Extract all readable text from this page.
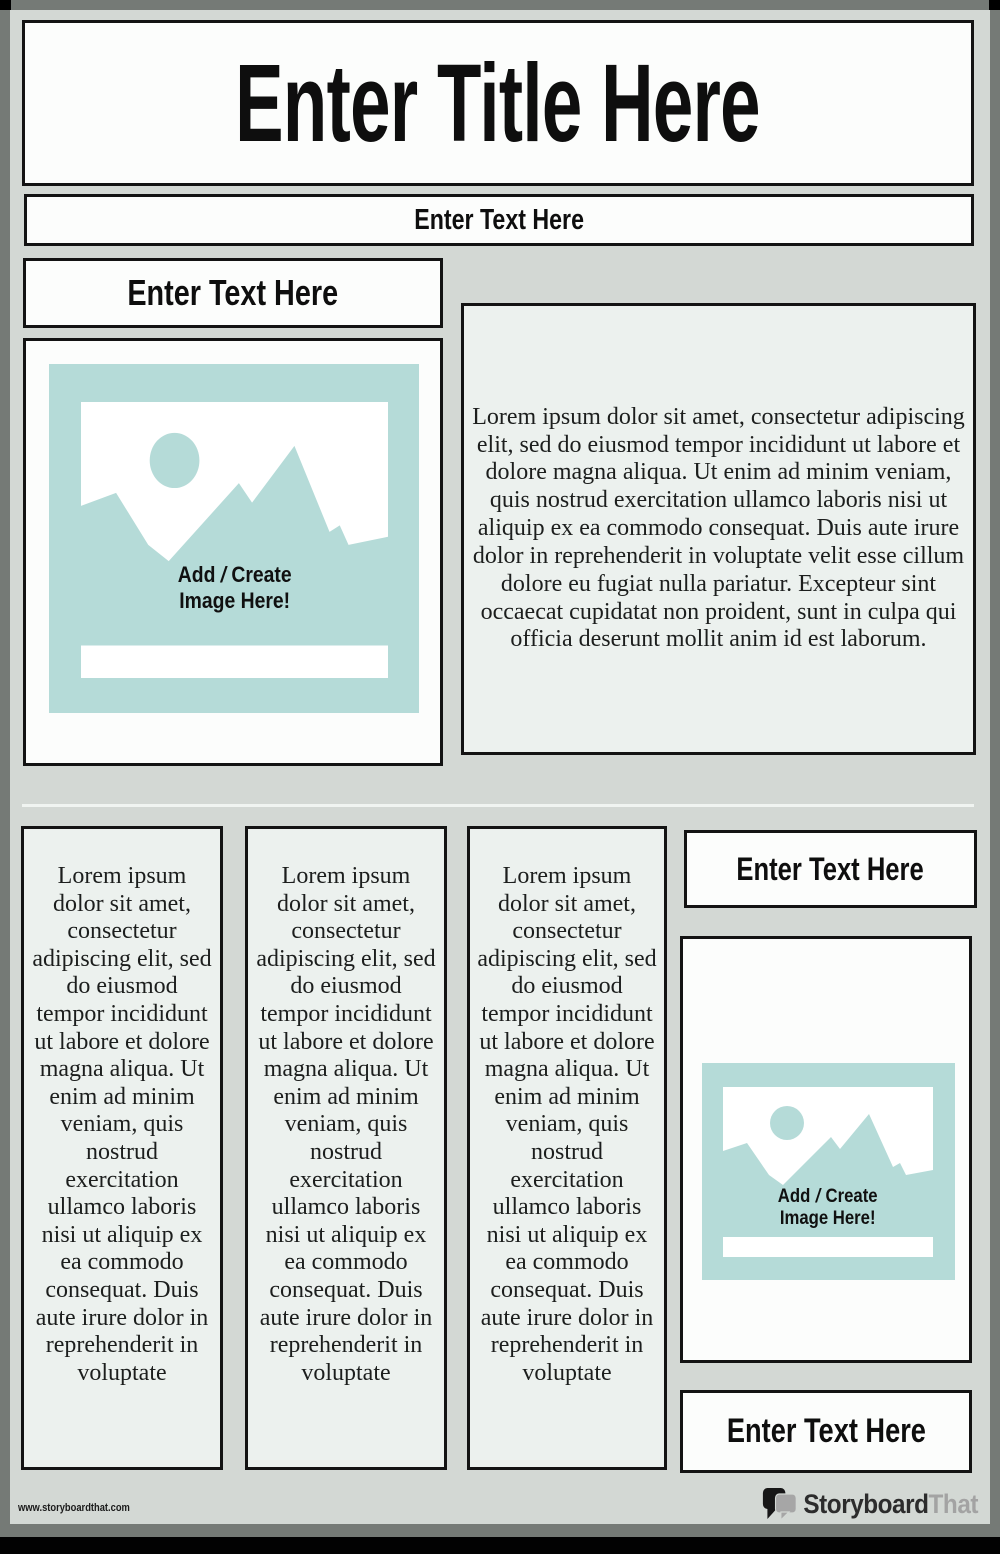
Enter Title Here
Enter Text Here
Enter Text Here
Add / Create
Image Here!
Lorem ipsum dolor sit amet, consectetur adipiscing elit, sed do eiusmod tempor incididunt ut labore et dolore magna aliqua. Ut enim ad minim veniam, quis nostrud exercitation ullamco laboris nisi ut aliquip ex ea commodo consequat. Duis aute irure dolor in reprehenderit in voluptate velit esse cillum dolore eu fugiat nulla pariatur. Excepteur sint occaecat cupidatat non proident, sunt in culpa qui officia deserunt mollit anim id est laborum.
Lorem ipsum dolor sit amet, consectetur adipiscing elit, sed do eiusmod tempor incididunt ut labore et dolore magna aliqua. Ut enim ad minim veniam, quis nostrud exercitation ullamco laboris nisi ut aliquip ex ea commodo consequat. Duis aute irure dolor in reprehenderit in voluptate
Lorem ipsum dolor sit amet, consectetur adipiscing elit, sed do eiusmod tempor incididunt ut labore et dolore magna aliqua. Ut enim ad minim veniam, quis nostrud exercitation ullamco laboris nisi ut aliquip ex ea commodo consequat. Duis aute irure dolor in reprehenderit in voluptate
Lorem ipsum dolor sit amet, consectetur adipiscing elit, sed do eiusmod tempor incididunt ut labore et dolore magna aliqua. Ut enim ad minim veniam, quis nostrud exercitation ullamco laboris nisi ut aliquip ex ea commodo consequat. Duis aute irure dolor in reprehenderit in voluptate
Enter Text Here
Add / Create
Image Here!
Enter Text Here
www.storyboardthat.com	StoryboardThat
